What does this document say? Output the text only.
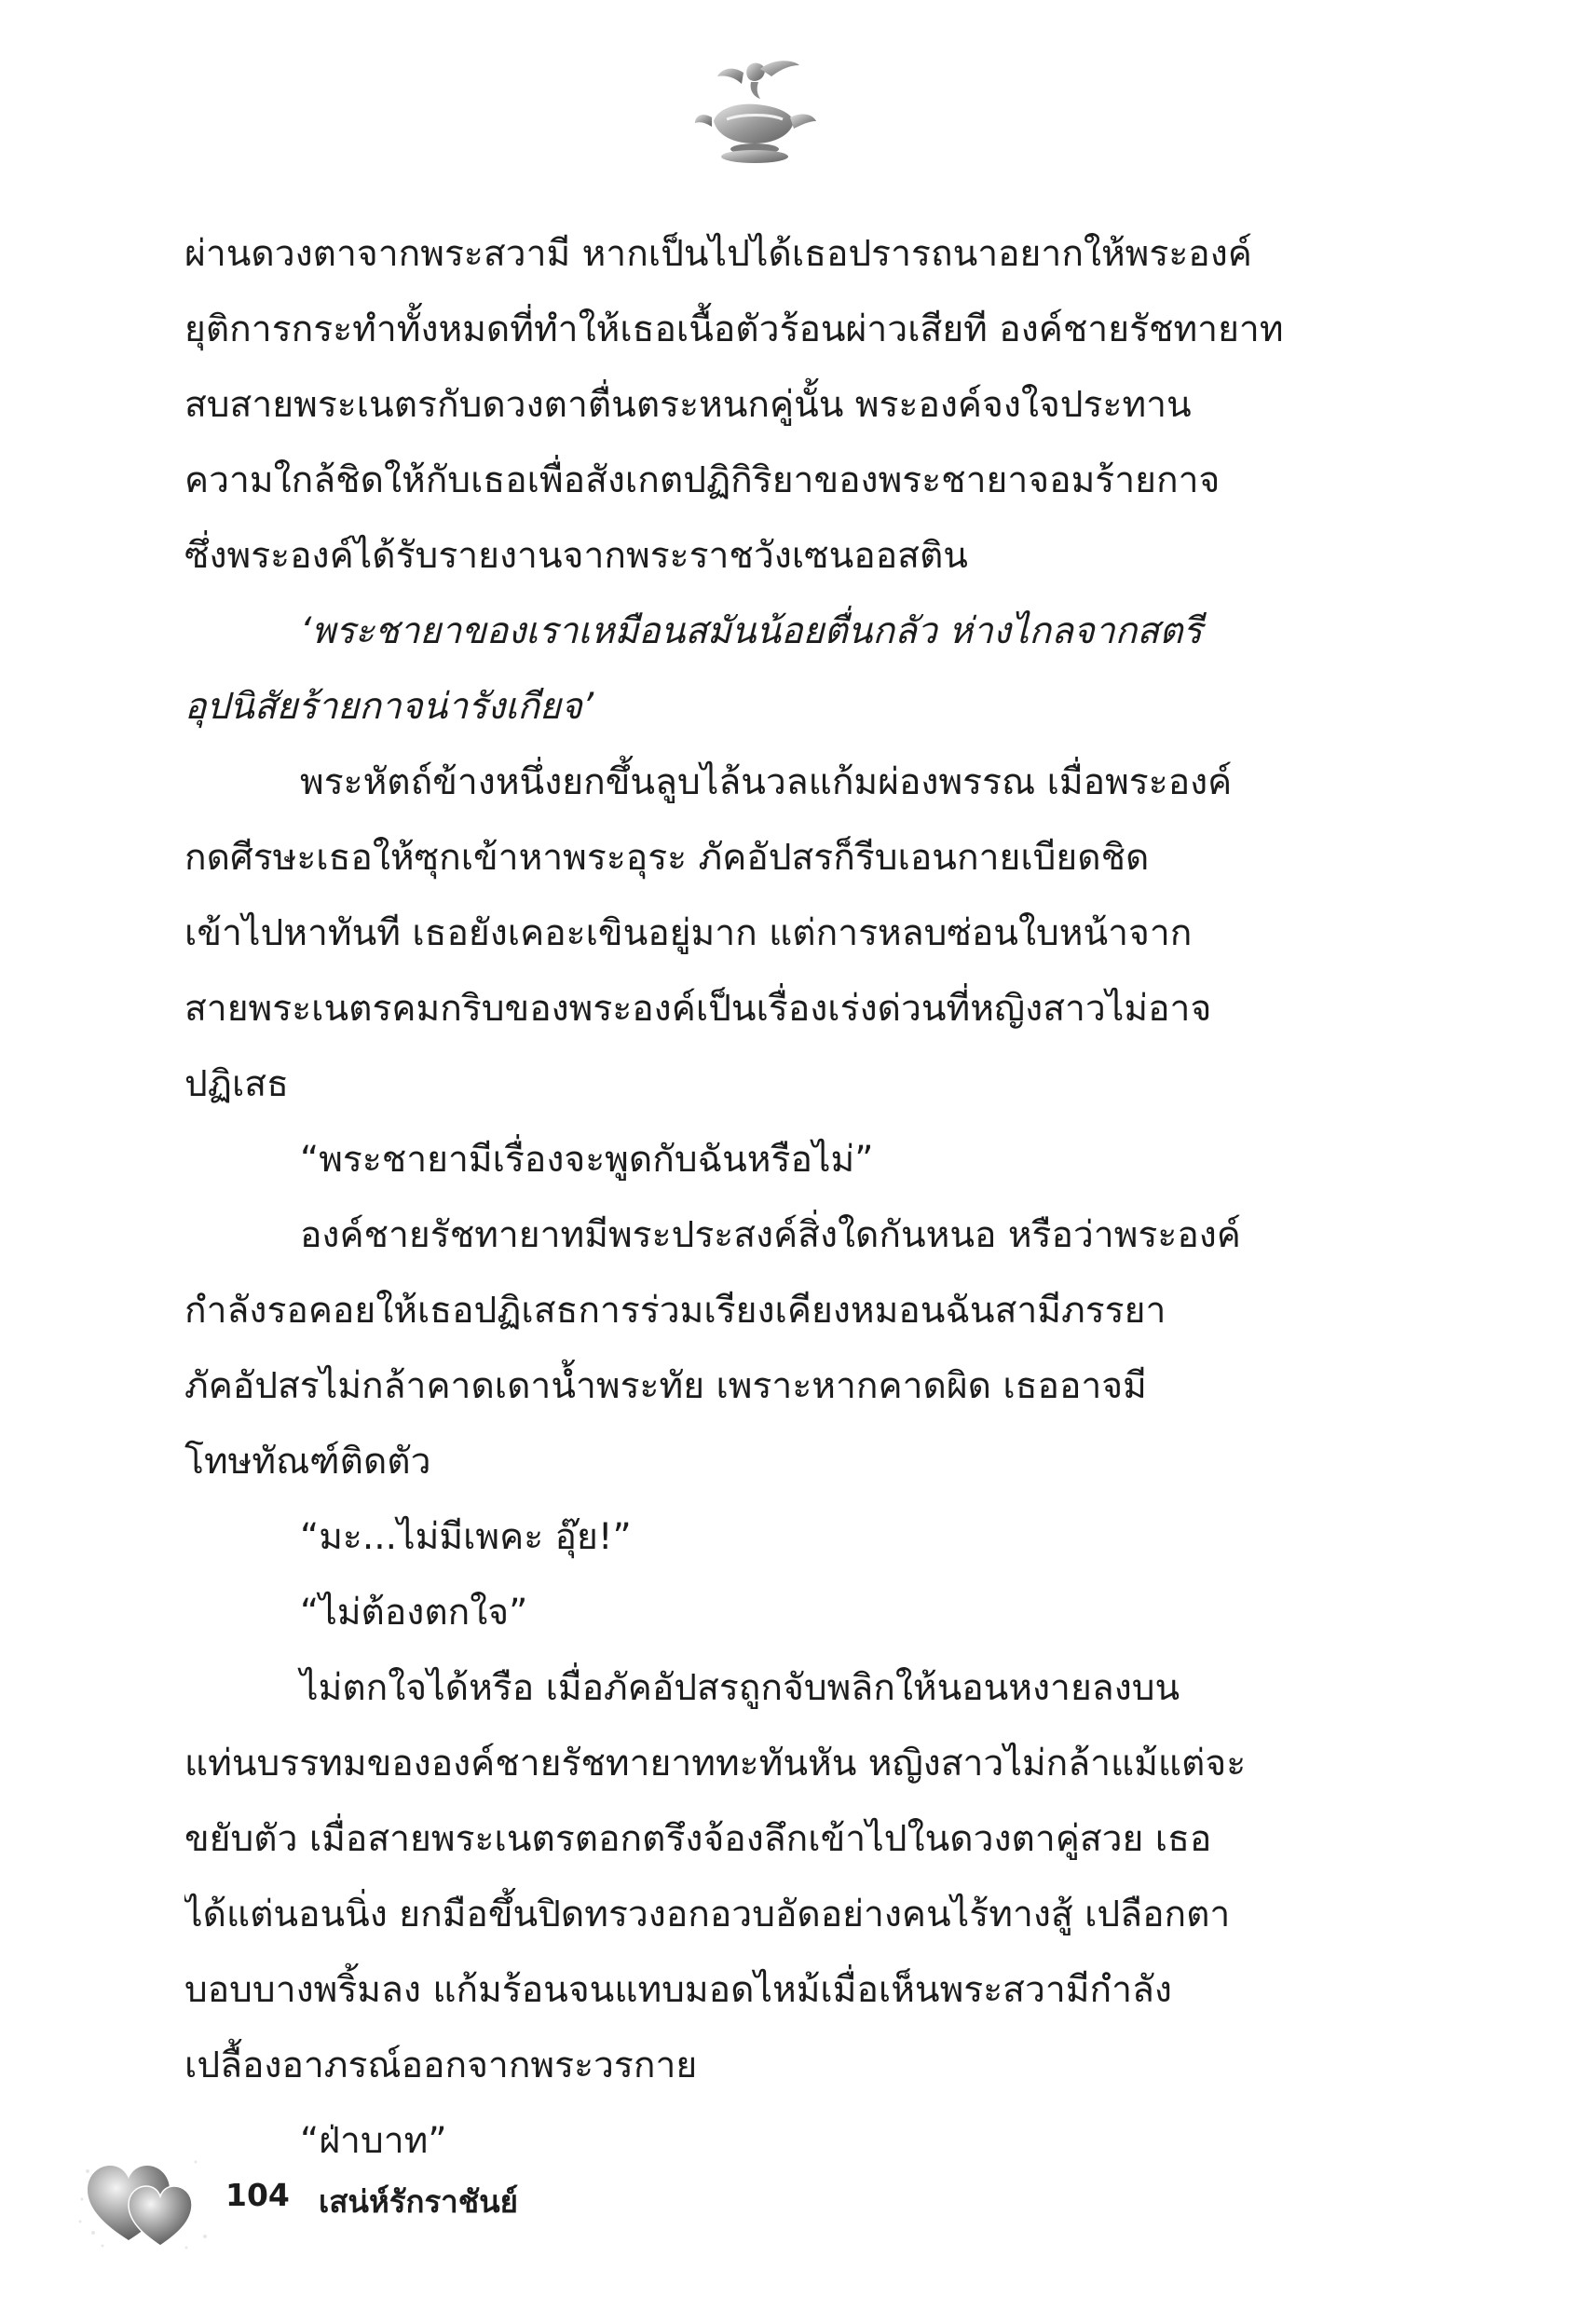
ผ่านดวงตาจากพระสวามี หากเป็นไปได้เธอปรารถนาอยากให้พระองค์
ยุติการกระทำทั้งหมดที่ทำให้เธอเนื้อตัวร้อนผ่าวเสียที องค์ชายรัชทายาท
สบสายพระเนตรกับดวงตาตื่นตระหนกคู่นั้น พระองค์จงใจประทาน
ความใกล้ชิดให้กับเธอเพื่อสังเกตปฏิกิริยาของพระชายาจอมร้ายกาจ
ซึ่งพระองค์ได้รับรายงานจากพระราชวังเซนออสติน
‘พระชายาของเราเหมือนสมันน้อยตื่นกลัว ห่างไกลจากสตรี
อุปนิสัยร้ายกาจน่ารังเกียจ’
พระหัตถ์ข้างหนึ่งยกขึ้นลูบไล้นวลแก้มผ่องพรรณ เมื่อพระองค์
กดศีรษะเธอให้ซุกเข้าหาพระอุระ ภัคอัปสรก็รีบเอนกายเบียดชิด
เข้าไปหาทันที เธอยังเคอะเขินอยู่มาก แต่การหลบซ่อนใบหน้าจาก
สายพระเนตรคมกริบของพระองค์เป็นเรื่องเร่งด่วนที่หญิงสาวไม่อาจ
ปฏิเสธ
“พระชายามีเรื่องจะพูดกับฉันหรือไม่”
องค์ชายรัชทายาทมีพระประสงค์สิ่งใดกันหนอ หรือว่าพระองค์
กำลังรอคอยให้เธอปฏิเสธการร่วมเรียงเคียงหมอนฉันสามีภรรยา
ภัคอัปสรไม่กล้าคาดเดาน้ำพระทัย เพราะหากคาดผิด เธออาจมี
โทษทัณฑ์ติดตัว
“มะ...ไม่มีเพคะ อุ๊ย!”
“ไม่ต้องตกใจ”
ไม่ตกใจได้หรือ เมื่อภัคอัปสรถูกจับพลิกให้นอนหงายลงบน
แท่นบรรทมขององค์ชายรัชทายาททะทันหัน หญิงสาวไม่กล้าแม้แต่จะ
ขยับตัว เมื่อสายพระเนตรตอกตรึงจ้องลึกเข้าไปในดวงตาคู่สวย เธอ
ได้แต่นอนนิ่ง ยกมือขึ้นปิดทรวงอกอวบอัดอย่างคนไร้ทางสู้ เปลือกตา
บอบบางพริ้มลง แก้มร้อนจนแทบมอดไหม้เมื่อเห็นพระสวามีกำลัง
เปลื้องอาภรณ์ออกจากพระวรกาย
“ฝ่าบาท”
104 เสน่ห์รักราชันย์
